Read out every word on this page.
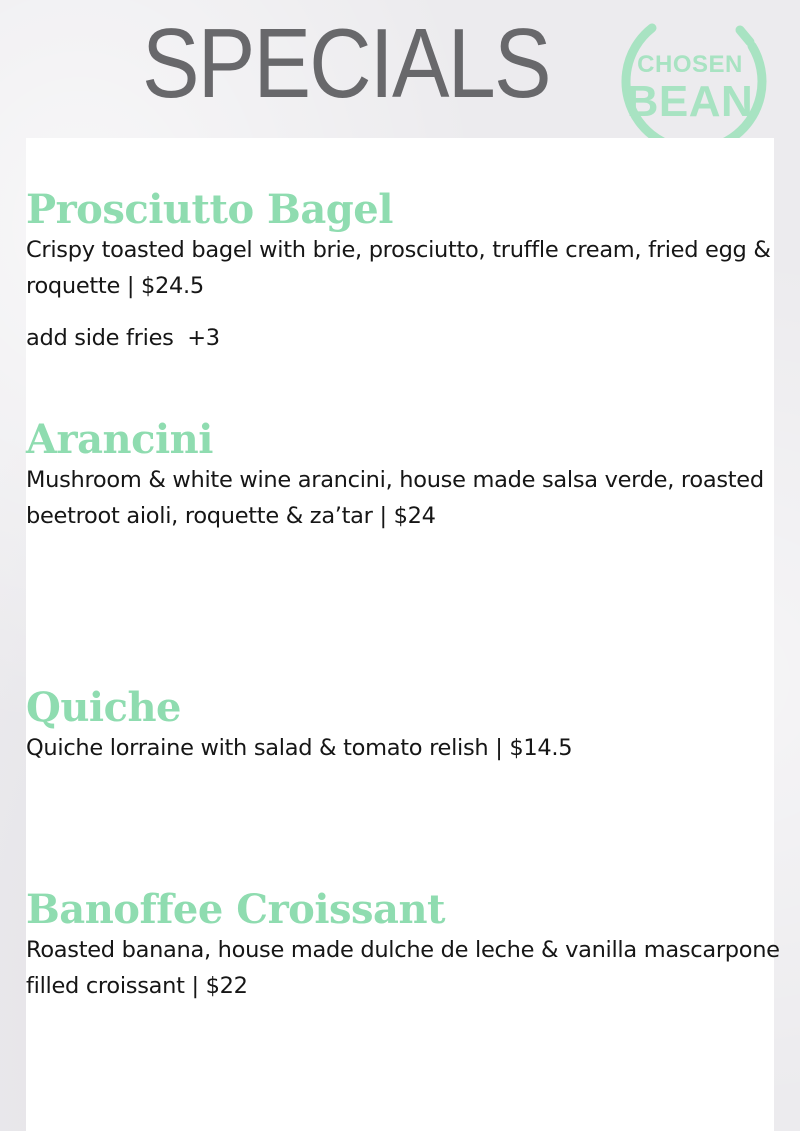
SPECIALS	CHOSEN
BEAN
Prosciutto Bagel

Crispy toasted bagel with brie, prosciutto, truffle cream, fried egg & roquette | $24.5

add side fries  +3

Arancini

Mushroom & white wine arancini, house made salsa verde, roasted beetroot aioli, roquette & za’tar | $24

Quiche

Quiche lorraine with salad & tomato relish | $14.5

Banoffee Croissant

Roasted banana, house made dulche de leche & vanilla mascarpone filled croissant | $22
